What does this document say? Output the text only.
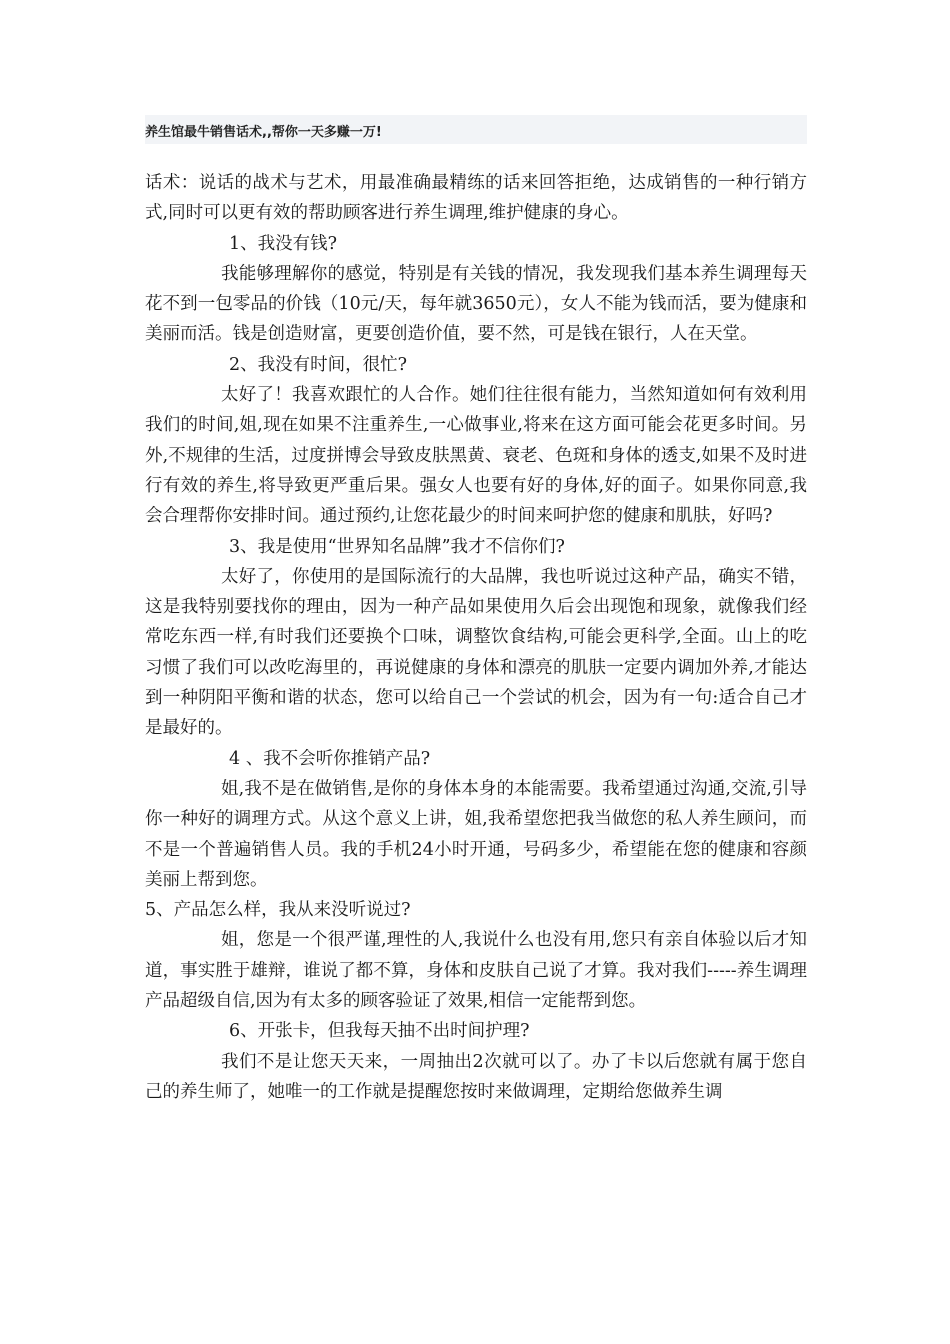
养生馆最牛销售话术,,帮你一天多赚一万!

话术：说话的战术与艺术，用最准确最精练的话来回答拒绝，达成销售的一种行销方式,同时可以更有效的帮助顾客进行养生调理,维护健康的身心。

1、我没有钱?

我能够理解你的感觉，特别是有关钱的情况，我发现我们基本养生调理每天花不到一包零品的价钱（10元/天，每年就3650元），女人不能为钱而活，要为健康和美丽而活。钱是创造财富，更要创造价值，要不然，可是钱在银行，人在天堂。

2、我没有时间，很忙?

太好了！我喜欢跟忙的人合作。她们往往很有能力，当然知道如何有效利用我们的时间,姐,现在如果不注重养生,一心做事业,将来在这方面可能会花更多时间。另外,不规律的生活，过度拼博会导致皮肤黑黄、衰老、色斑和身体的透支,如果不及时进行有效的养生,将导致更严重后果。强女人也要有好的身体,好的面子。如果你同意,我会合理帮你安排时间。通过预约,让您花最少的时间来呵护您的健康和肌肤，好吗?

3、我是使用“世界知名品牌”我才不信你们?

太好了，你使用的是国际流行的大品牌，我也听说过这种产品，确实不错，这是我特别要找你的理由，因为一种产品如果使用久后会出现饱和现象，就像我们经常吃东西一样,有时我们还要换个口味，调整饮食结构,可能会更科学,全面。山上的吃习惯了我们可以改吃海里的，再说健康的身体和漂亮的肌肤一定要内调加外养,才能达到一种阴阳平衡和谐的状态，您可以给自己一个尝试的机会，因为有一句:适合自己才是最好的。

4 、我不会听你推销产品?

姐,我不是在做销售,是你的身体本身的本能需要。我希望通过沟通,交流,引导你一种好的调理方式。从这个意义上讲，姐,我希望您把我当做您的私人养生顾问，而不是一个普遍销售人员。我的手机24小时开通，号码多少，希望能在您的健康和容颜美丽上帮到您。

5、产品怎么样，我从来没听说过?

姐，您是一个很严谨,理性的人,我说什么也没有用,您只有亲自体验以后才知道，事实胜于雄辩，谁说了都不算，身体和皮肤自己说了才算。我对我们-----养生调理产品超级自信,因为有太多的顾客验证了效果,相信一定能帮到您。

6、开张卡，但我每天抽不出时间护理?

我们不是让您天天来，一周抽出2次就可以了。办了卡以后您就有属于您自己的养生师了，她唯一的工作就是提醒您按时来做调理，定期给您做养生调
